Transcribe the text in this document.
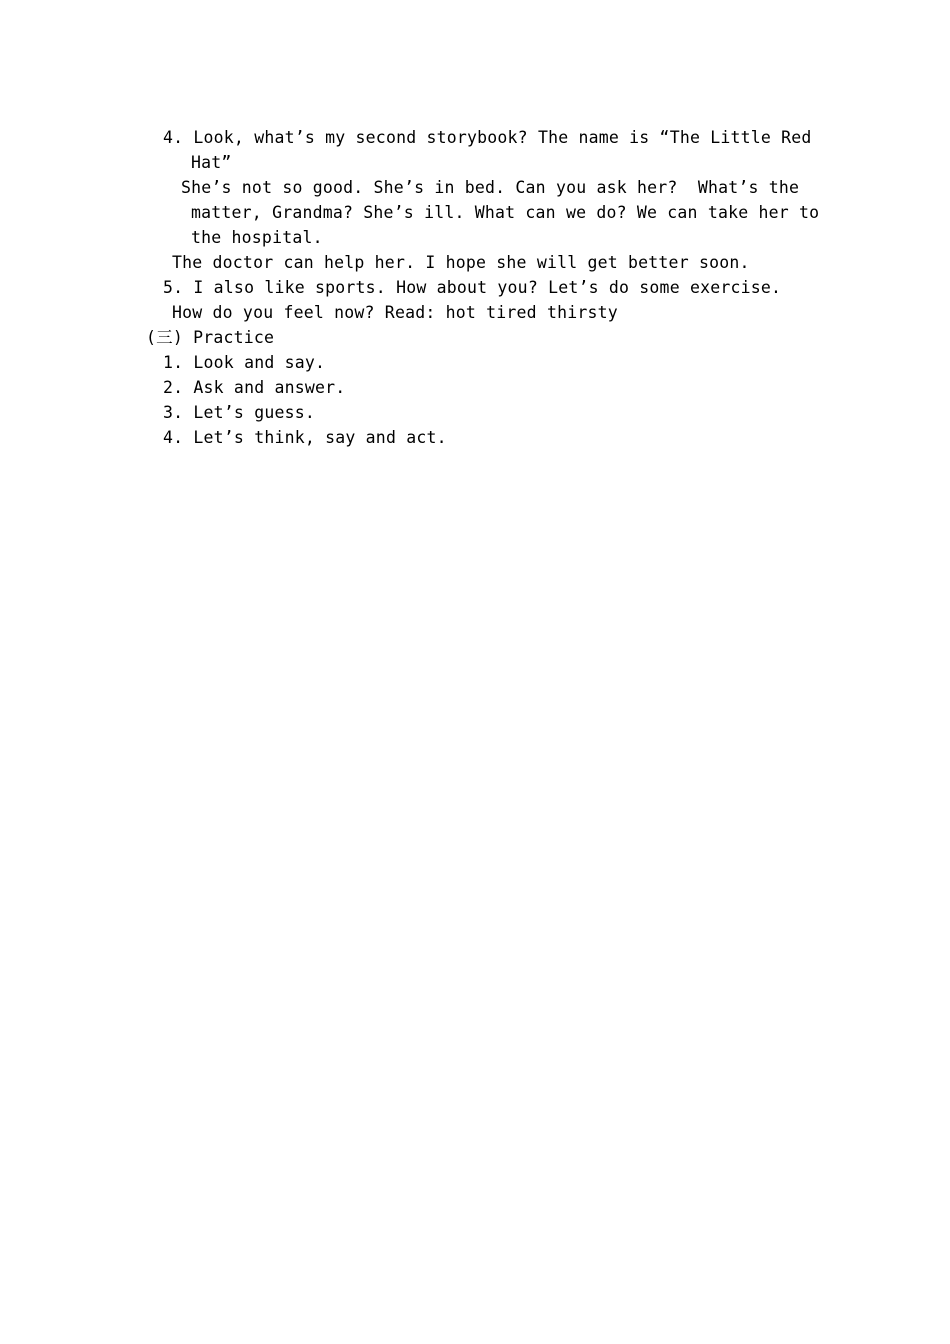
4. Look, what’s my second storybook? The name is “The Little Red
Hat”
She’s not so good. She’s in bed. Can you ask her?  What’s the
matter, Grandma? She’s ill. What can we do? We can take her to
the hospital.
The doctor can help her. I hope she will get better soon.
5. I also like sports. How about you? Let’s do some exercise.
How do you feel now? Read: hot tired thirsty
(三) Practice
1. Look and say.
2. Ask and answer.
3. Let’s guess.
4. Let’s think, say and act.
